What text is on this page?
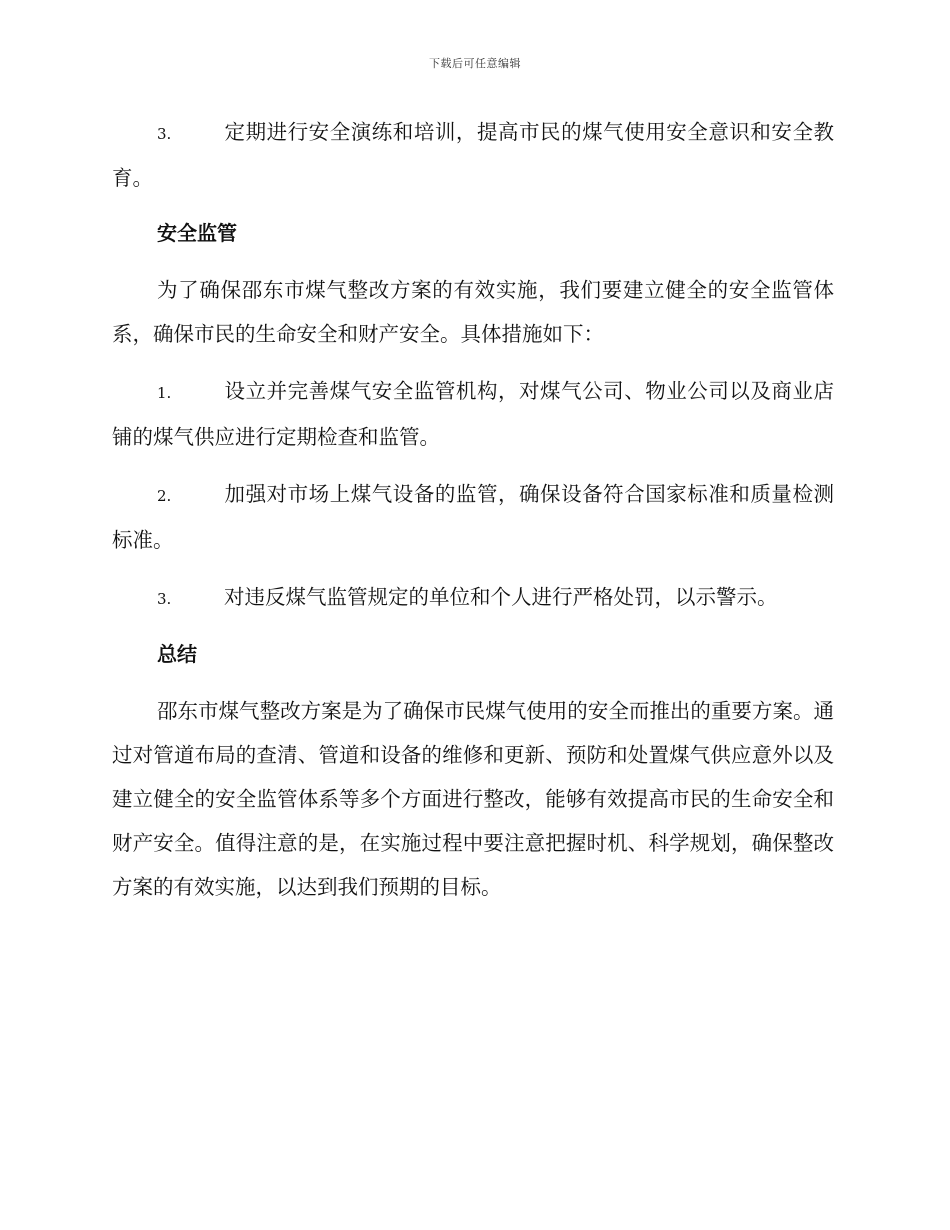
下载后可任意编辑

3.	定期进行安全演练和培训，提高市民的煤气使用安全意识和安全教育。

安全监管

为了确保邵东市煤气整改方案的有效实施，我们要建立健全的安全监管体系，确保市民的生命安全和财产安全。具体措施如下：

1.	设立并完善煤气安全监管机构，对煤气公司、物业公司以及商业店铺的煤气供应进行定期检查和监管。

2.	加强对市场上煤气设备的监管，确保设备符合国家标准和质量检测标准。

3.	对违反煤气监管规定的单位和个人进行严格处罚，以示警示。

总结

邵东市煤气整改方案是为了确保市民煤气使用的安全而推出的重要方案。通过对管道布局的查清、管道和设备的维修和更新、预防和处置煤气供应意外以及建立健全的安全监管体系等多个方面进行整改，能够有效提高市民的生命安全和财产安全。值得注意的是，在实施过程中要注意把握时机、科学规划，确保整改方案的有效实施，以达到我们预期的目标。
